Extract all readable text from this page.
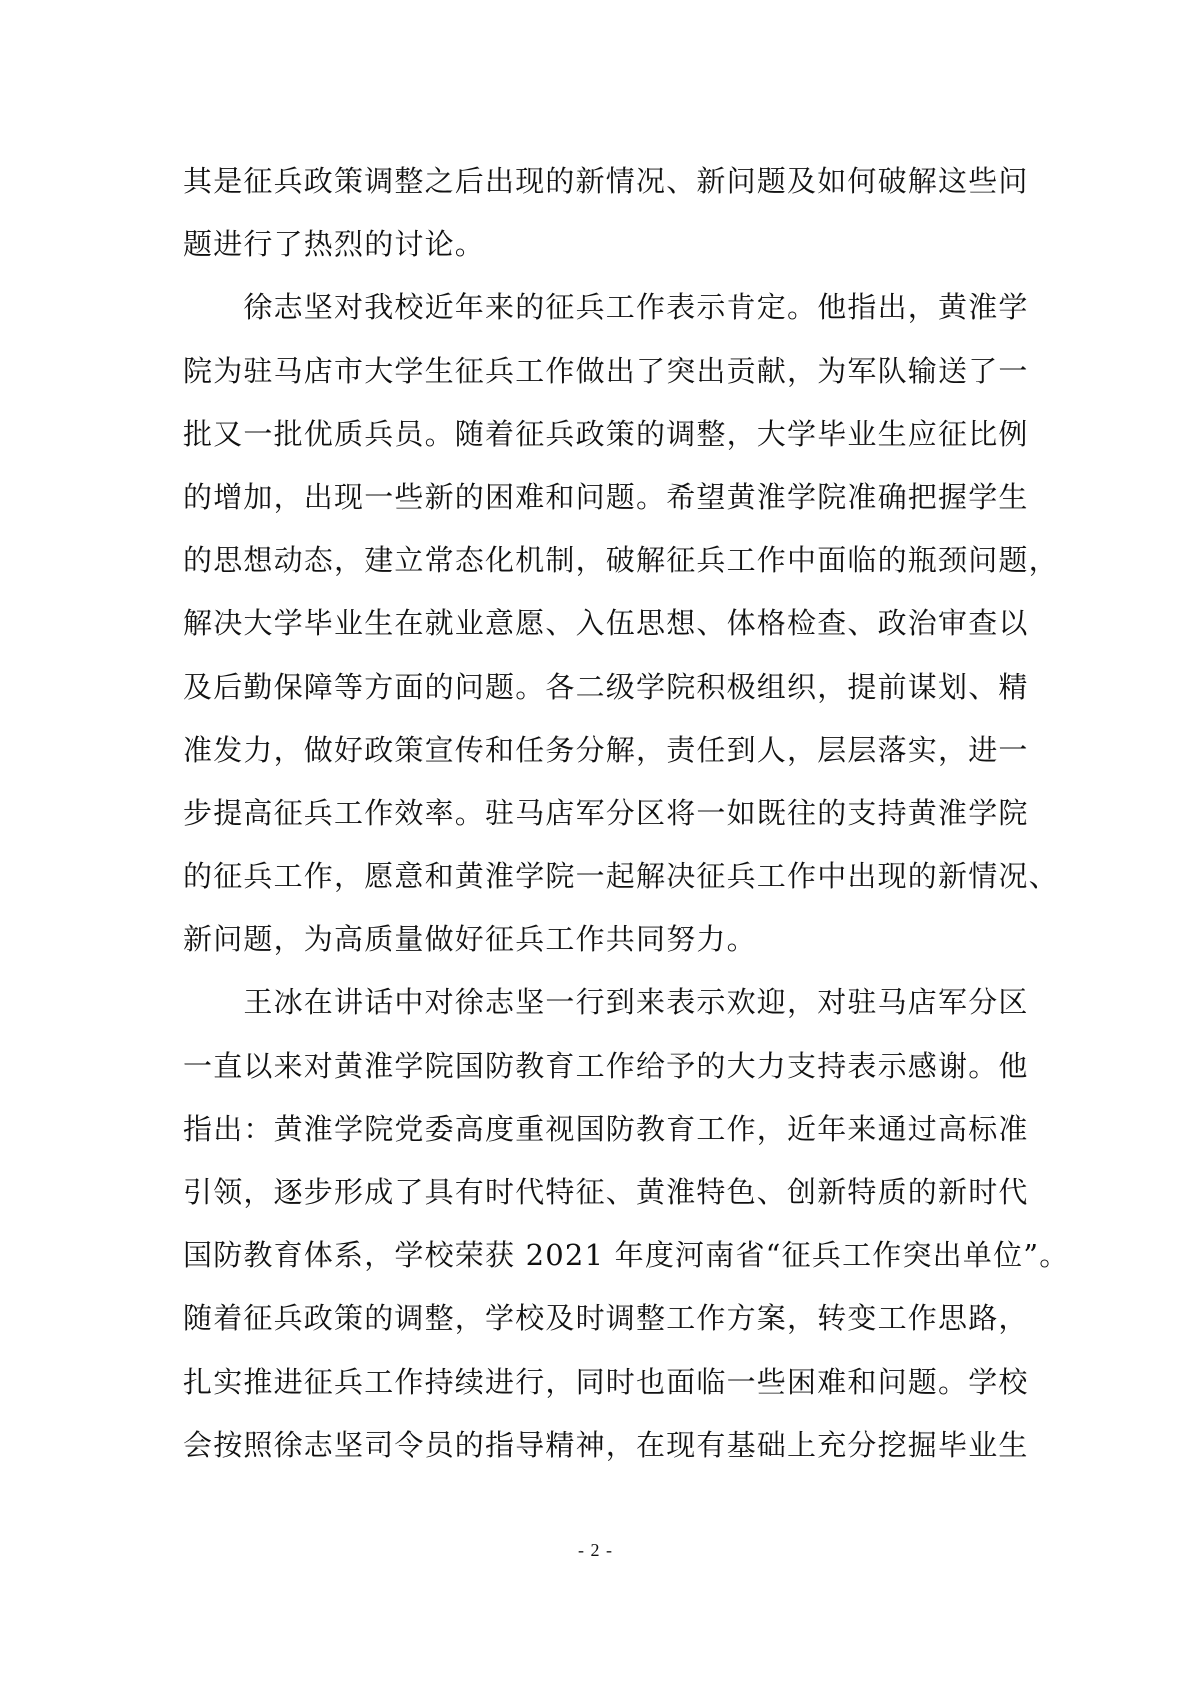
其是征兵政策调整之后出现的新情况、新问题及如何破解这些问
题进行了热烈的讨论。
　　徐志坚对我校近年来的征兵工作表示肯定。他指出，黄淮学
院为驻马店市大学生征兵工作做出了突出贡献，为军队输送了一
批又一批优质兵员。随着征兵政策的调整，大学毕业生应征比例
的增加，出现一些新的困难和问题。希望黄淮学院准确把握学生
的思想动态，建立常态化机制，破解征兵工作中面临的瓶颈问题，
解决大学毕业生在就业意愿、入伍思想、体格检查、政治审查以
及后勤保障等方面的问题。各二级学院积极组织，提前谋划、精
准发力，做好政策宣传和任务分解，责任到人，层层落实，进一
步提高征兵工作效率。驻马店军分区将一如既往的支持黄淮学院
的征兵工作，愿意和黄淮学院一起解决征兵工作中出现的新情况、
新问题，为高质量做好征兵工作共同努力。
　　王冰在讲话中对徐志坚一行到来表示欢迎，对驻马店军分区
一直以来对黄淮学院国防教育工作给予的大力支持表示感谢。他
指出：黄淮学院党委高度重视国防教育工作，近年来通过高标准
引领，逐步形成了具有时代特征、黄淮特色、创新特质的新时代
国防教育体系，学校荣获 2021 年度河南省“征兵工作突出单位”。
随着征兵政策的调整，学校及时调整工作方案，转变工作思路，
扎实推进征兵工作持续进行，同时也面临一些困难和问题。学校
会按照徐志坚司令员的指导精神，在现有基础上充分挖掘毕业生
- 2 -
